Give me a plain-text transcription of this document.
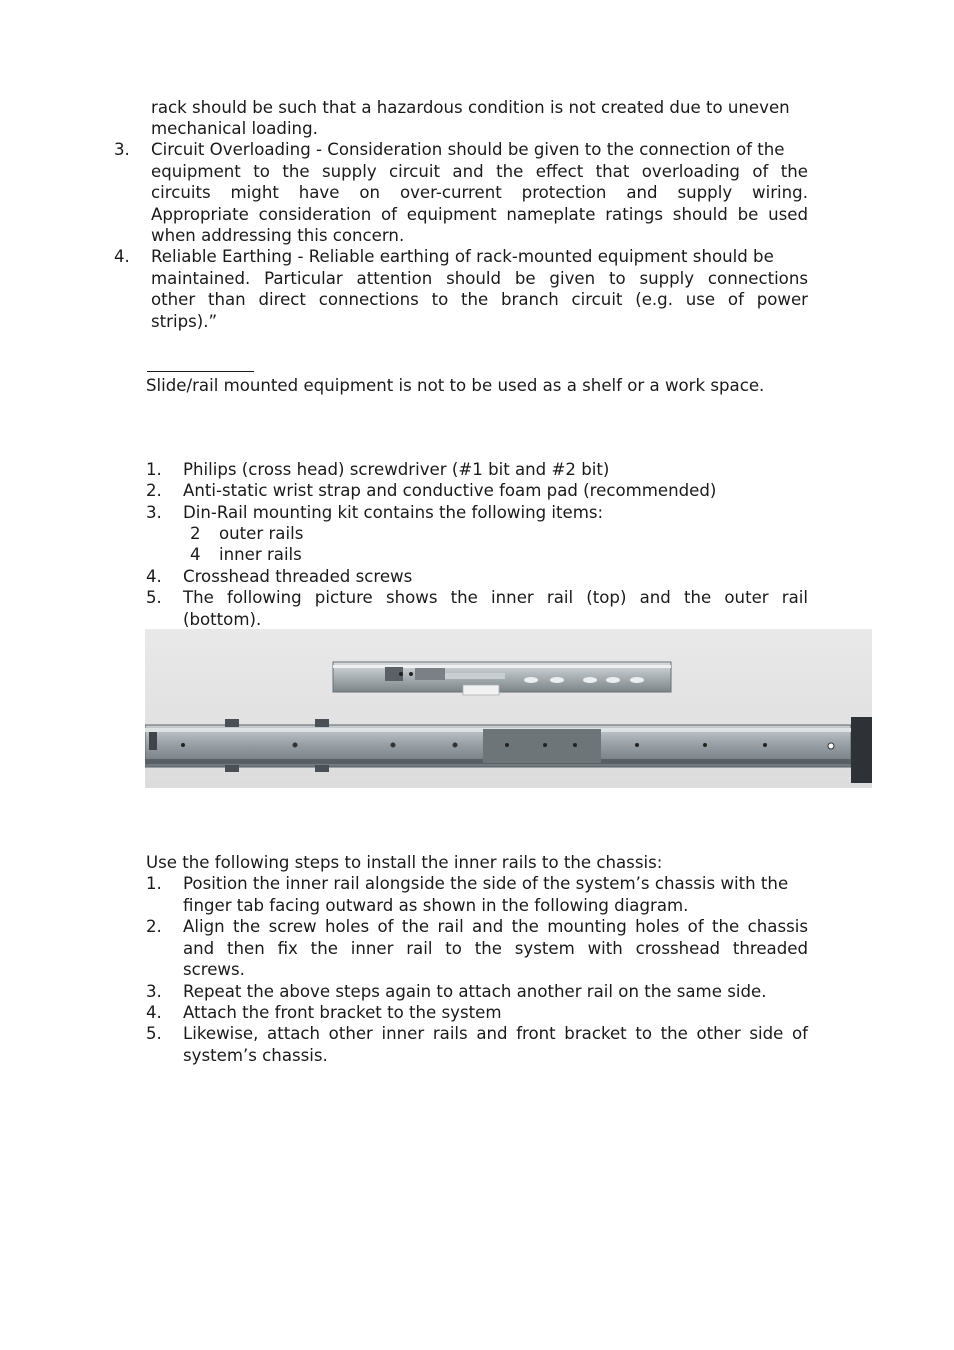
rack should be such that a hazardous condition is not created due to uneven

mechanical loading.

3. Circuit Overloading - Consideration should be given to the connection of the

equipment to the supply circuit and the effect that overloading of the

circuits might have on over-current protection and supply wiring.

Appropriate consideration of equipment nameplate ratings should be used

when addressing this concern.

4. Reliable Earthing - Reliable earthing of rack-mounted equipment should be

maintained. Particular attention should be given to supply connections

other than direct connections to the branch circuit (e.g. use of power

strips).”

Slide/rail mounted equipment is not to be used as a shelf or a work space.

1. Philips (cross head) screwdriver (#1 bit and #2 bit)

2. Anti-static wrist strap and conductive foam pad (recommended)

3. Din-Rail mounting kit contains the following items:

2 outer rails

4 inner rails

4. Crosshead threaded screws

5. The following picture shows the inner rail (top) and the outer rail

(bottom).

Use the following steps to install the inner rails to the chassis:

1. Position the inner rail alongside the side of the system’s chassis with the

finger tab facing outward as shown in the following diagram.

2. Align the screw holes of the rail and the mounting holes of the chassis

and then fix the inner rail to the system with crosshead threaded

screws.

3. Repeat the above steps again to attach another rail on the same side.

4. Attach the front bracket to the system

5. Likewise, attach other inner rails and front bracket to the other side of

system’s chassis.
